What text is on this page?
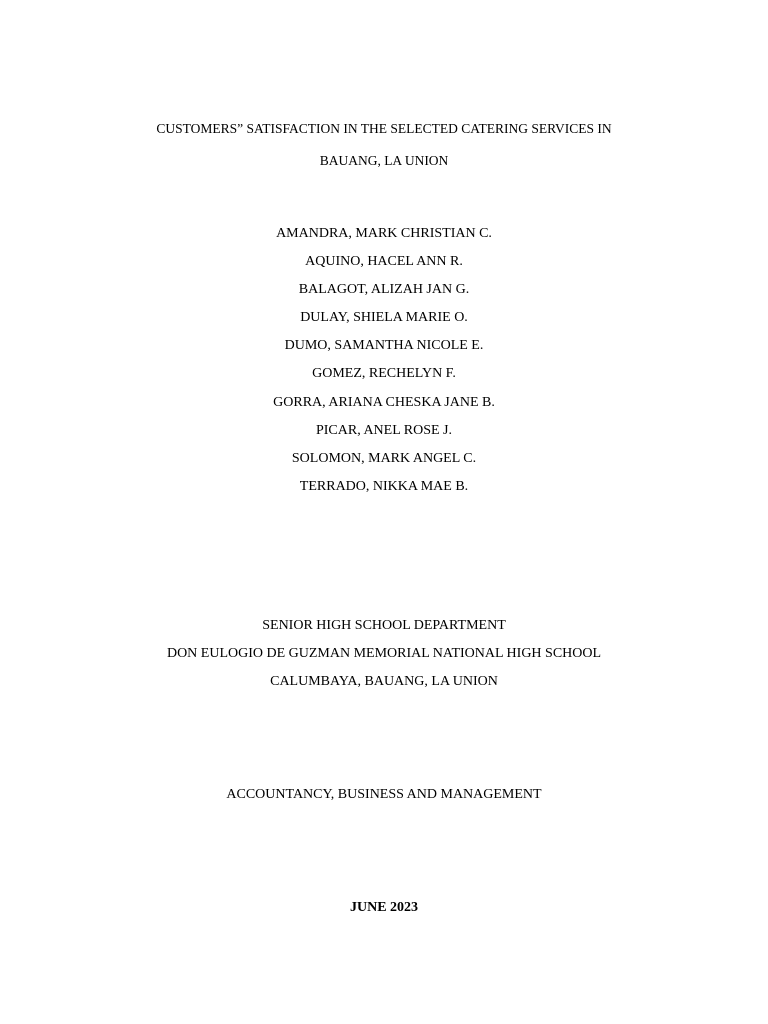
CUSTOMERS” SATISFACTION IN THE SELECTED CATERING SERVICES IN
BAUANG, LA UNION
AMANDRA, MARK CHRISTIAN C.
AQUINO, HACEL ANN R.
BALAGOT, ALIZAH JAN G.
DULAY, SHIELA MARIE O.
DUMO, SAMANTHA NICOLE E.
GOMEZ, RECHELYN F.
GORRA, ARIANA CHESKA JANE B.
PICAR, ANEL ROSE J.
SOLOMON, MARK ANGEL C.
TERRADO, NIKKA MAE B.
SENIOR HIGH SCHOOL DEPARTMENT
DON EULOGIO DE GUZMAN MEMORIAL NATIONAL HIGH SCHOOL
CALUMBAYA, BAUANG, LA UNION
ACCOUNTANCY, BUSINESS AND MANAGEMENT
JUNE 2023
